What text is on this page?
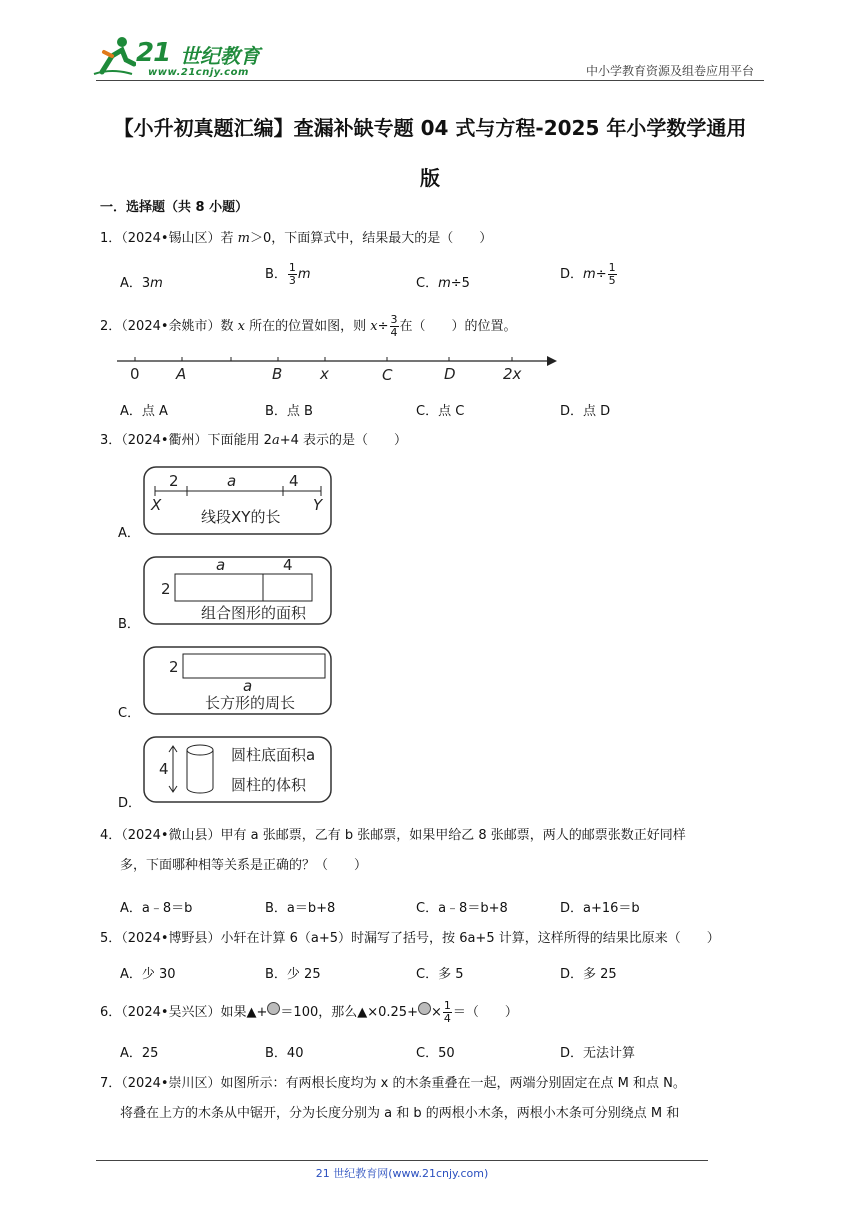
21 世纪教育
www.21cnjy.com	中小学教育资源及组卷应用平台
【小升初真题汇编】查漏补缺专题 04 式与方程-2025 年小学数学通用
版
一．选择题（共 8 小题）
1．（2024•锡山区）若 m＞0，下面算式中，结果最大的是（　　）
A．3m
B． $\frac{1}{3}$ m
C．m÷5
D．$m\div \frac{1}{5}$
2．（2024•余姚市）数 x 所在的位置如图，则 $x\div \frac{3}{4}$ 在（　　）的位置。
0 A	B	x	C	D	2x
A．点 A	B．点 B	C．点 C	D．点 D
3．（2024•衢州）下面能用 2a+4 表示的是（　　）
A．
2	a	4
X	Y
线段XY的长
B．
a	4
2
组合图形的面积
C．
2
a
长方形的周长
D．
4
圆柱底面积a
圆柱的体积
4．（2024•微山县）甲有 a 张邮票，乙有 b 张邮票，如果甲给乙 8 张邮票，两人的邮票张数正好同样
多，下面哪种相等关系是正确的？（　　）
A．a﹣8＝b	B．a＝b+8	C．a﹣8＝b+8	D．a+16＝b
5．（2024•博野县）小轩在计算 6（a+5）时漏写了括号，按 6a+5 计算，这样所得的结果比原来（　　）
A．少 30	B．少 25	C．多 5	D．多 25
6．（2024•吴兴区）如果▲+ ＝100，那么▲×0.25+ × $\frac{1}{4}$ ＝（　　）
A．25	B．40	C．50	D．无法计算
7．（2024•崇川区）如图所示：有两根长度均为 x 的木条重叠在一起，两端分别固定在点 M 和点 N。
将叠在上方的木条从中锯开，分为长度分别为 a 和 b 的两根小木条，两根小木条可分别绕点 M 和
21 世纪教育网(www.21cnjy.com)
